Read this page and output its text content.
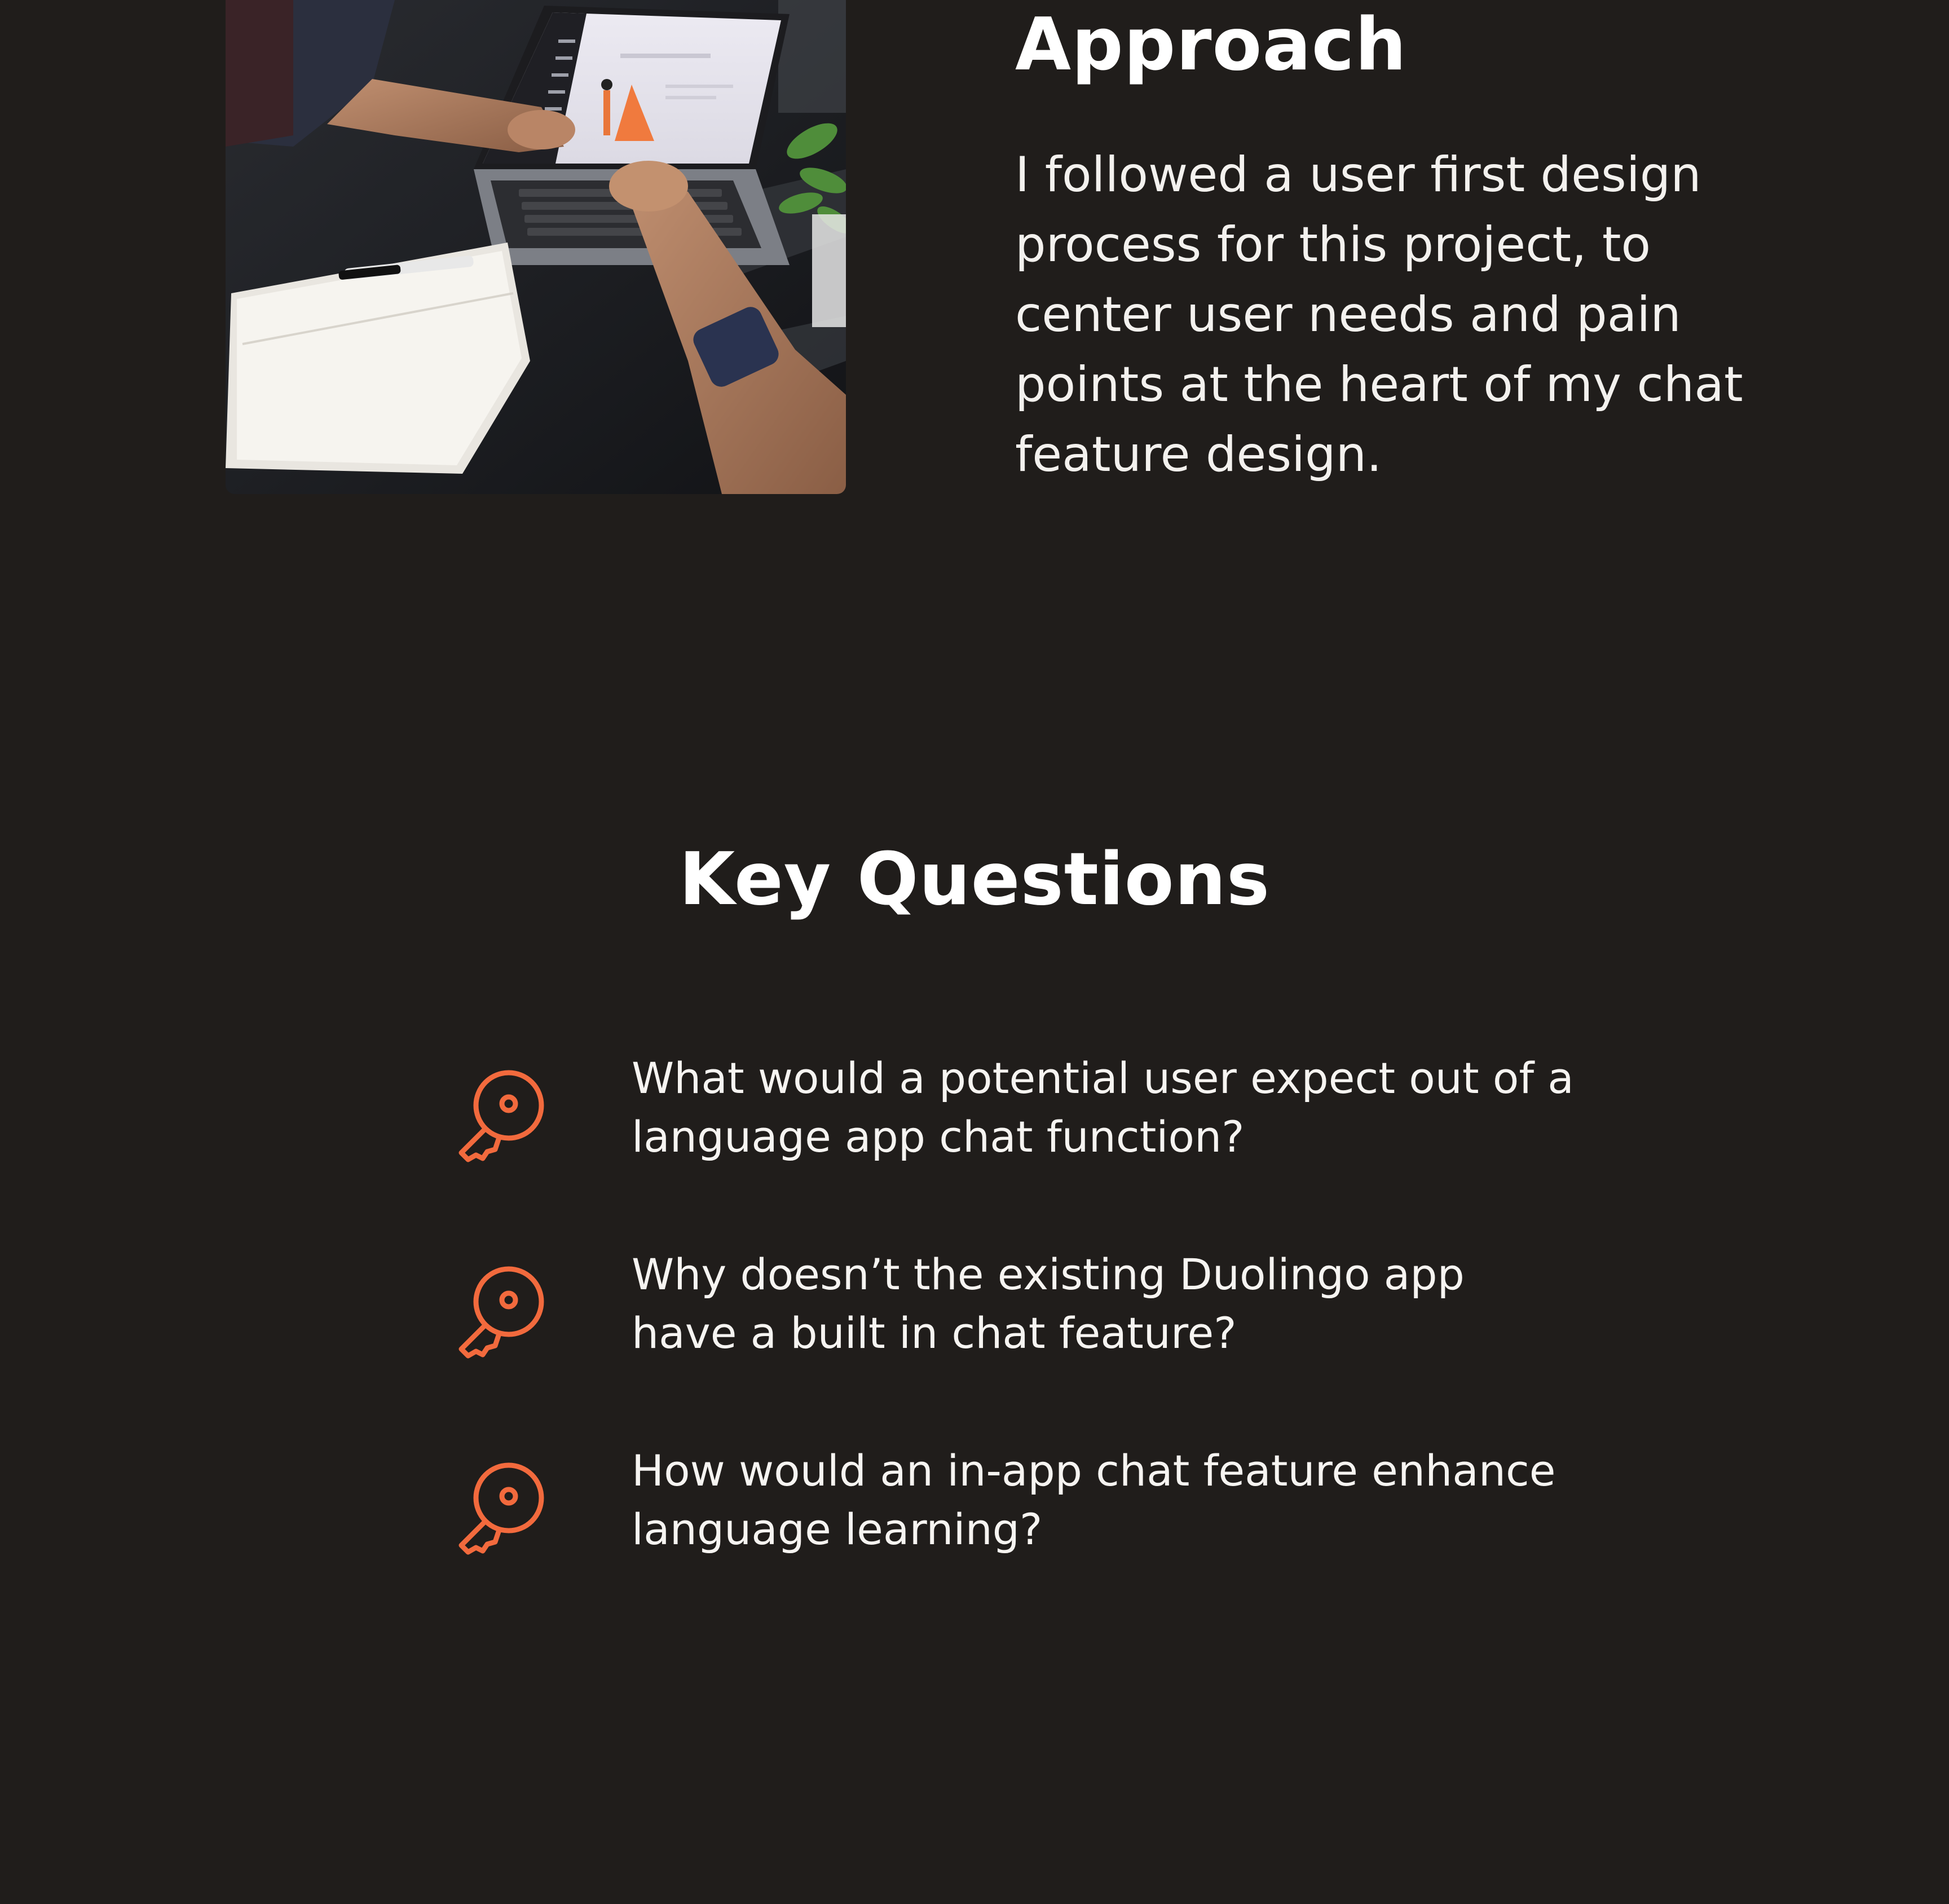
Approach

I followed a user first design process for this project, to center user needs and pain points at the heart of my chat feature design.

Key Questions

What would a potential user expect out of a language app chat function?

Why doesn’t the existing Duolingo app have a built in chat feature?

How would an in-app chat feature enhance language learning?
